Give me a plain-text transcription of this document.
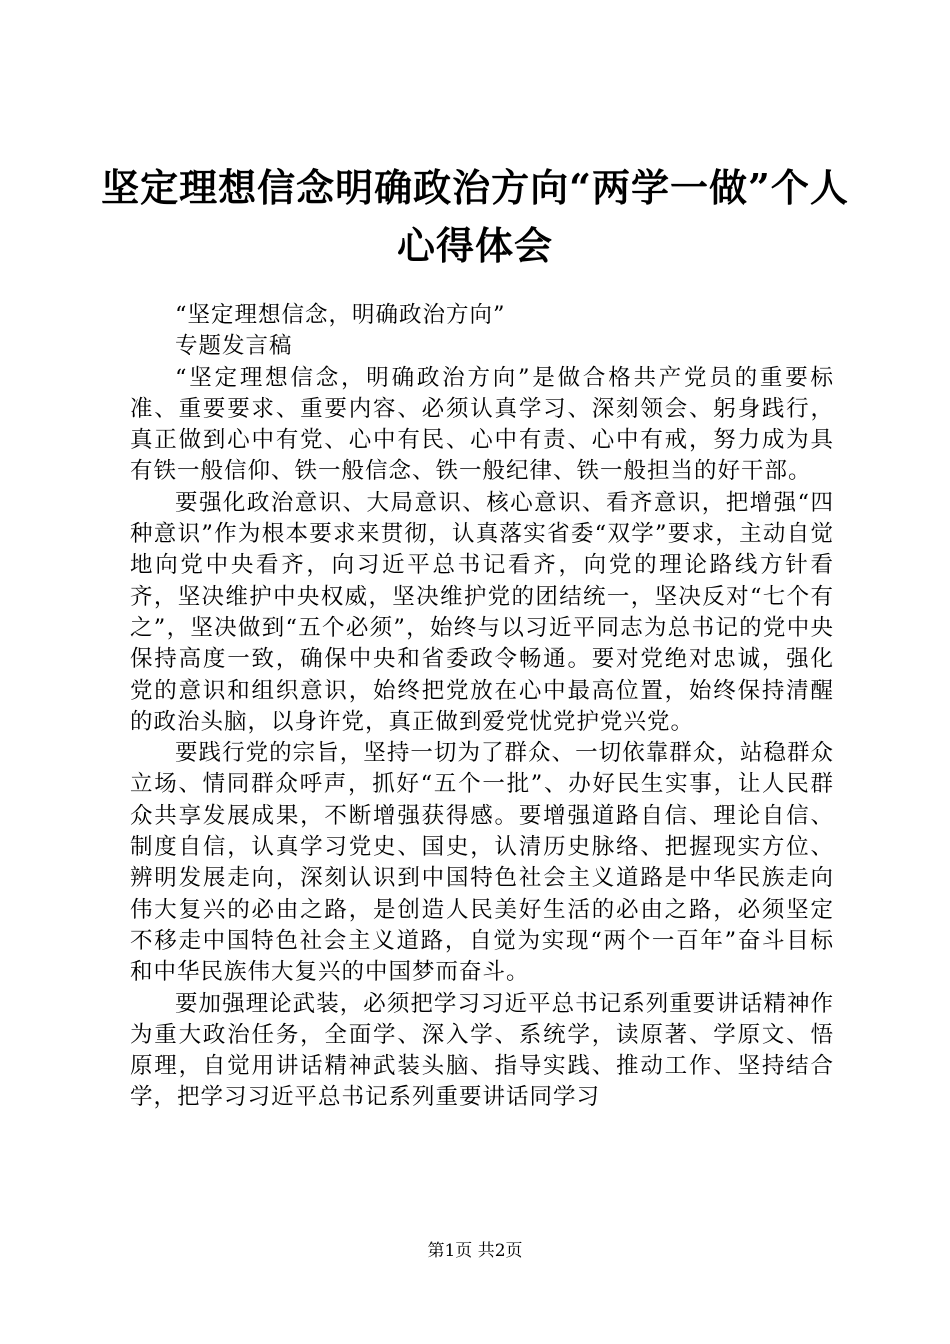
坚定理想信念明确政治方向“两学一做”个人
心得体会

“坚定理想信念，明确政治方向”

专题发言稿

“坚定理想信念，明确政治方向”是做合格共产党员的重要标准、重要要求、重要内容、必须认真学习、深刻领会、躬身践行，真正做到心中有党、心中有民、心中有责、心中有戒，努力成为具有铁一般信仰、铁一般信念、铁一般纪律、铁一般担当的好干部。

要强化政治意识、大局意识、核心意识、看齐意识，把增强“四种意识”作为根本要求来贯彻，认真落实省委“双学”要求，主动自觉地向党中央看齐，向习近平总书记看齐，向党的理论路线方针看齐，坚决维护中央权威，坚决维护党的团结统一，坚决反对“七个有之”，坚决做到“五个必须”，始终与以习近平同志为总书记的党中央保持高度一致，确保中央和省委政令畅通。要对党绝对忠诚，强化党的意识和组织意识，始终把党放在心中最高位置，始终保持清醒的政治头脑，以身许党，真正做到爱党忧党护党兴党。

要践行党的宗旨，坚持一切为了群众、一切依靠群众，站稳群众立场、情同群众呼声，抓好“五个一批”、办好民生实事，让人民群众共享发展成果，不断增强获得感。要增强道路自信、理论自信、制度自信，认真学习党史、国史，认清历史脉络、把握现实方位、辨明发展走向，深刻认识到中国特色社会主义道路是中华民族走向伟大复兴的必由之路，是创造人民美好生活的必由之路，必须坚定不移走中国特色社会主义道路，自觉为实现“两个一百年”奋斗目标和中华民族伟大复兴的中国梦而奋斗。

要加强理论武装，必须把学习习近平总书记系列重要讲话精神作为重大政治任务，全面学、深入学、系统学，读原著、学原文、悟原理，自觉用讲话精神武装头脑、指导实践、推动工作、坚持结合学，把学习习近平总书记系列重要讲话同学习

第1页 共2页
